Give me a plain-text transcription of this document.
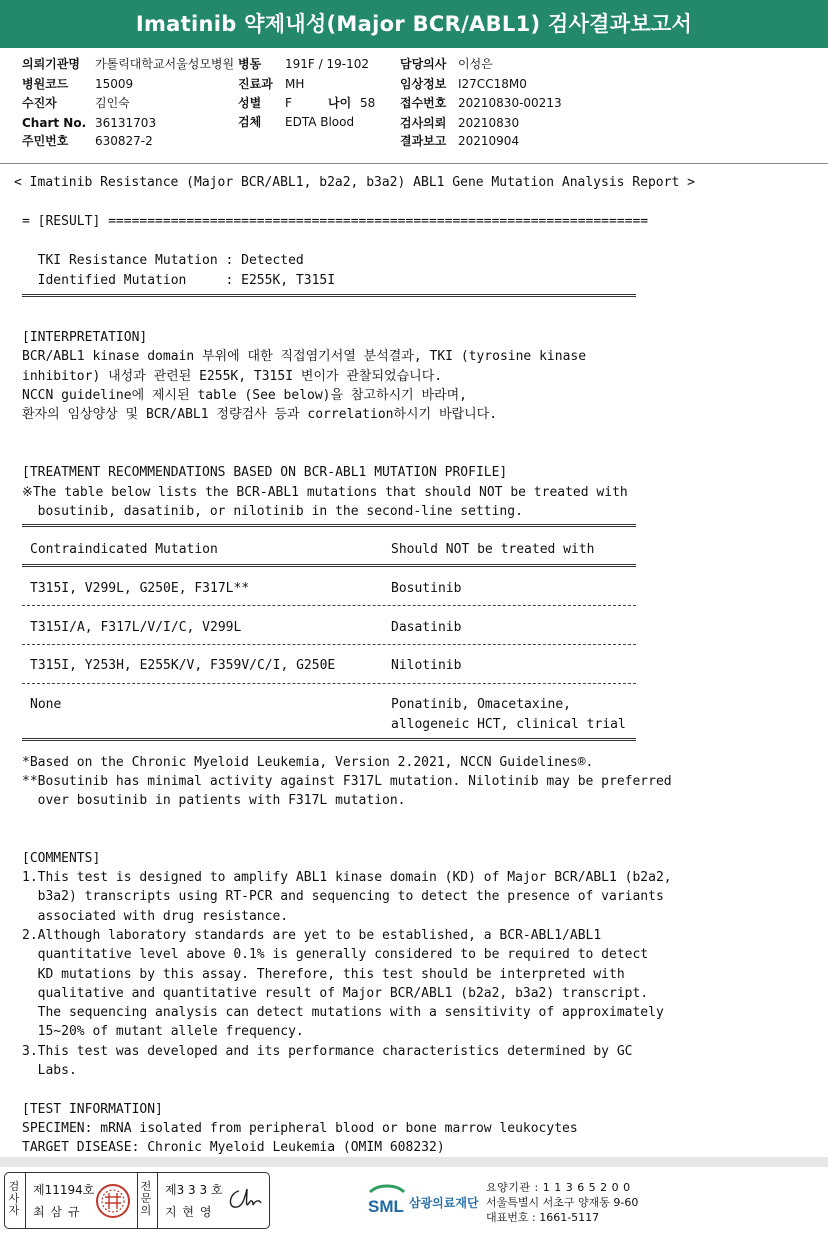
Imatinib 약제내성(Major BCR/ABL1) 검사결과보고서
의뢰기관명 가톨릭대학교서울성모병원 병동 191F / 19-102	담당의사 이성은
병원코드 15009	진료과 MH	임상정보 I27CC18M0
수진자	김인숙	성별 F	나이 58 접수번호 20210830-00213
Chart No. 36131703	검체 EDTA Blood	검사의뢰 20210830
주민번호 630827-2	결과보고 20210904
< Imatinib Resistance (Major BCR/ABL1, b2a2, b3a2) ABL1 Gene Mutation Analysis Report >
= [RESULT] =====================================================================
TKI Resistance Mutation : Detected
Identified Mutation     : E255K, T315I
[INTERPRETATION]
BCR/ABL1 kinase domain 부위에 대한 직접염기서열 분석결과, TKI (tyrosine kinase
inhibitor) 내성과 관련된 E255K, T315I 변이가 관찰되었습니다.
NCCN guideline에 제시된 table (See below)을 참고하시기 바라며,
환자의 임상양상 및 BCR/ABL1 정량검사 등과 correlation하시기 바랍니다.
[TREATMENT RECOMMENDATIONS BASED ON BCR-ABL1 MUTATION PROFILE]
※The table below lists the BCR-ABL1 mutations that should NOT be treated with
bosutinib, dasatinib, or nilotinib in the second-line setting.
Contraindicated Mutation	Should NOT be treated with
T315I, V299L, G250E, F317L**	Bosutinib
T315I/A, F317L/V/I/C, V299L	Dasatinib
T315I, Y253H, E255K/V, F359V/C/I, G250E	Nilotinib
None	Ponatinib, Omacetaxine,
allogeneic HCT, clinical trial
*Based on the Chronic Myeloid Leukemia, Version 2.2021, NCCN Guidelines®.
**Bosutinib has minimal activity against F317L mutation. Nilotinib may be preferred
over bosutinib in patients with F317L mutation.
[COMMENTS]
1.This test is designed to amplify ABL1 kinase domain (KD) of Major BCR/ABL1 (b2a2,
b3a2) transcripts using RT-PCR and sequencing to detect the presence of variants
associated with drug resistance.
2.Although laboratory standards are yet to be established, a BCR-ABL1/ABL1
quantitative level above 0.1% is generally considered to be required to detect
KD mutations by this assay. Therefore, this test should be interpreted with
qualitative and quantitative result of Major BCR/ABL1 (b2a2, b3a2) transcript.
The sequencing analysis can detect mutations with a sensitivity of approximately
15~20% of mutant allele frequency.
3.This test was developed and its performance characteristics determined by GC
Labs.
[TEST INFORMATION]
SPECIMEN: mRNA isolated from peripheral blood or bone marrow leukocytes
TARGET DISEASE: Chronic Myeloid Leukemia (OMIM 608232)
검사자
제11194호
최 삼 규
전문의
제3 3 3 호
지 현 영	SML 삼광의료재단
요양기관 : 1 1 3 6 5 2 0 0
서울특별시 서초구 양재동 9-60
대표번호 : 1661-5117
